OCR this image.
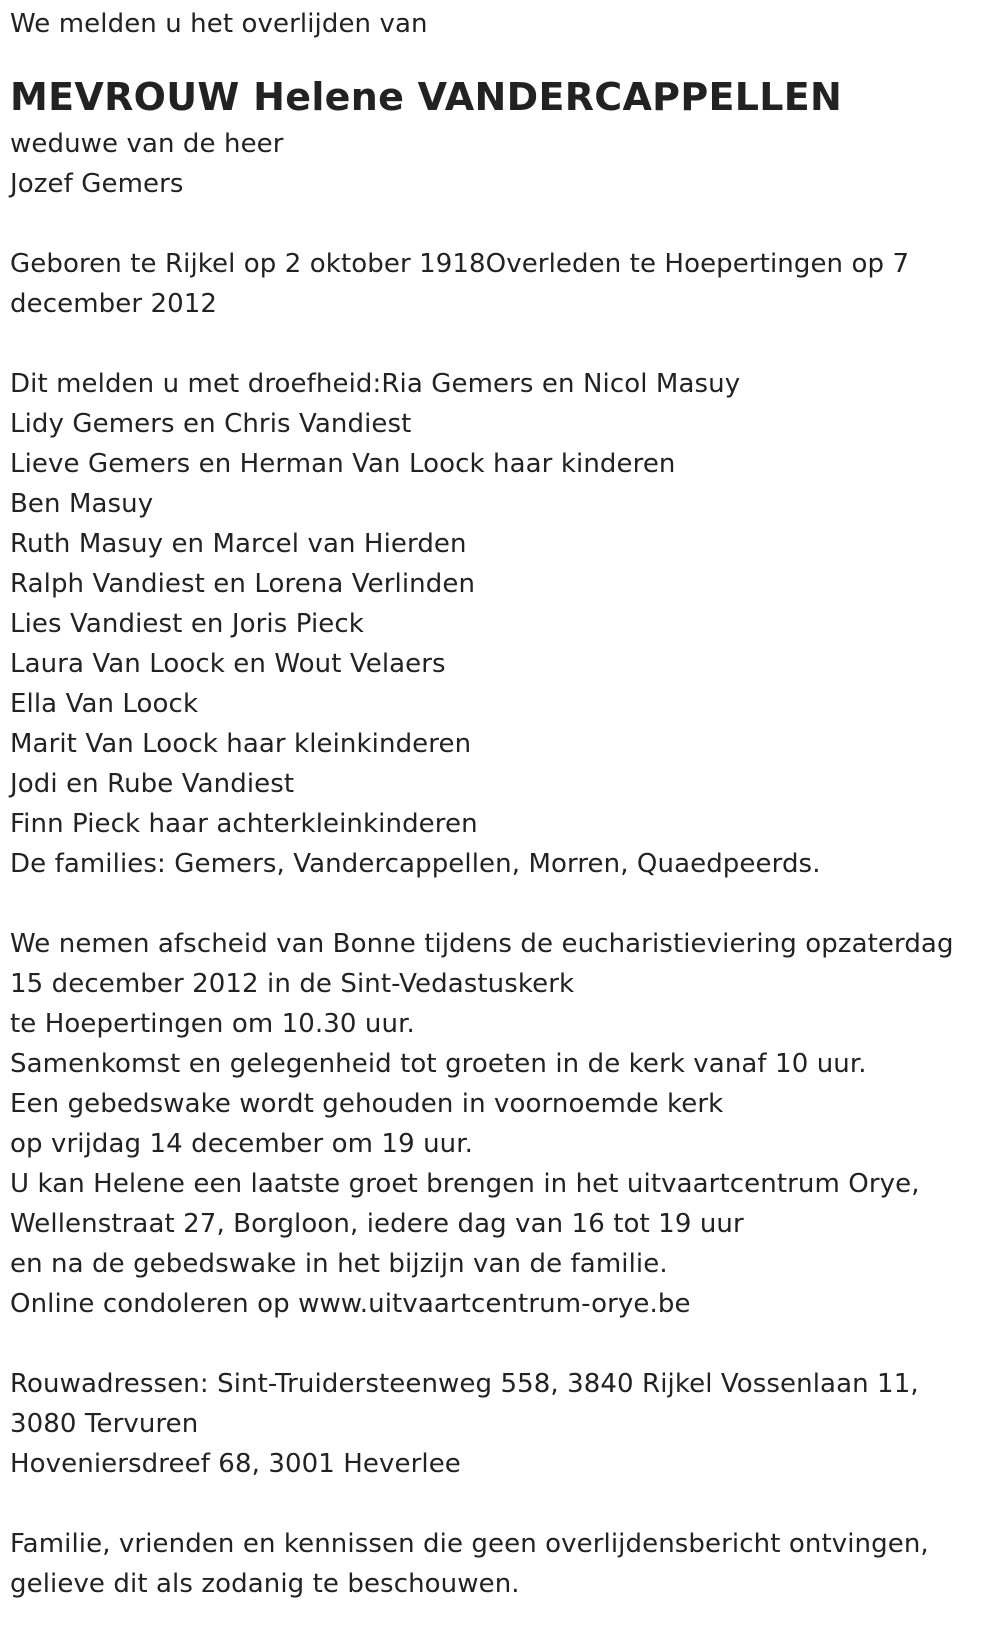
We melden u het overlijden van
MEVROUW Helene VANDERCAPPELLEN
weduwe van de heer
Jozef Gemers
Geboren te Rijkel op 2 oktober 1918Overleden te Hoepertingen op 7
december 2012
Dit melden u met droefheid:Ria Gemers en Nicol Masuy
Lidy Gemers en Chris Vandiest
Lieve Gemers en Herman Van Loock haar kinderen
Ben Masuy
Ruth Masuy en Marcel van Hierden
Ralph Vandiest en Lorena Verlinden
Lies Vandiest en Joris Pieck
Laura Van Loock en Wout Velaers
Ella Van Loock
Marit Van Loock haar kleinkinderen
Jodi en Rube Vandiest
Finn Pieck haar achterkleinkinderen
De families: Gemers, Vandercappellen, Morren, Quaedpeerds.
We nemen afscheid van Bonne tijdens de eucharistieviering opzaterdag
15 december 2012 in de Sint-Vedastuskerk
te Hoepertingen om 10.30 uur.
Samenkomst en gelegenheid tot groeten in de kerk vanaf 10 uur.
Een gebedswake wordt gehouden in voornoemde kerk
op vrijdag 14 december om 19 uur.
U kan Helene een laatste groet brengen in het uitvaartcentrum Orye,
Wellenstraat 27, Borgloon, iedere dag van 16 tot 19 uur
en na de gebedswake in het bijzijn van de familie.
Online condoleren op www.uitvaartcentrum-orye.be
Rouwadressen: Sint-Truidersteenweg 558, 3840 Rijkel Vossenlaan 11,
3080 Tervuren
Hoveniersdreef 68, 3001 Heverlee
Familie, vrienden en kennissen die geen overlijdensbericht ontvingen,
gelieve dit als zodanig te beschouwen.
